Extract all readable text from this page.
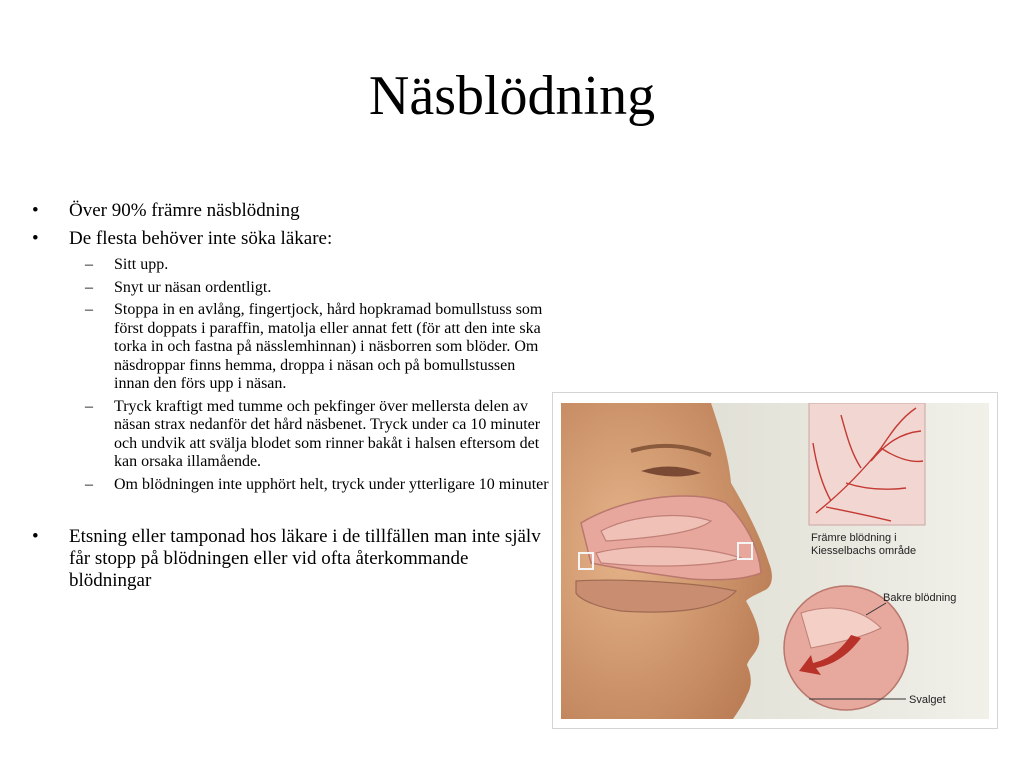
Näsblödning
• Över 90% främre näsblödning
• De flesta behöver inte söka läkare:
– Sitt upp.
– Snyt ur näsan ordentligt.
– Stoppa in en avlång, fingertjock, hård hopkramad bomullstuss som först doppats i paraffin, matolja eller annat fett (för att den inte ska torka in och fastna på nässlemhinnan) i näsborren som blöder. Om näsdroppar finns hemma, droppa i näsan och på bomullstussen innan den förs upp i näsan.
– Tryck kraftigt med tumme och pekfinger över mellersta delen av näsan strax nedanför det hård näsbenet. Tryck under ca 10 minuter och undvik att svälja blodet som rinner bakåt i halsen eftersom det kan orsaka illamående.
– Om blödningen inte upphört helt, tryck under ytterligare 10 minuter
• Etsning eller tamponad hos läkare i de tillfällen man inte själv får stopp på blödningen eller vid ofta återkommande blödningar
Främre blödning i
Kiesselbachs område
Bakre blödning
Svalget
